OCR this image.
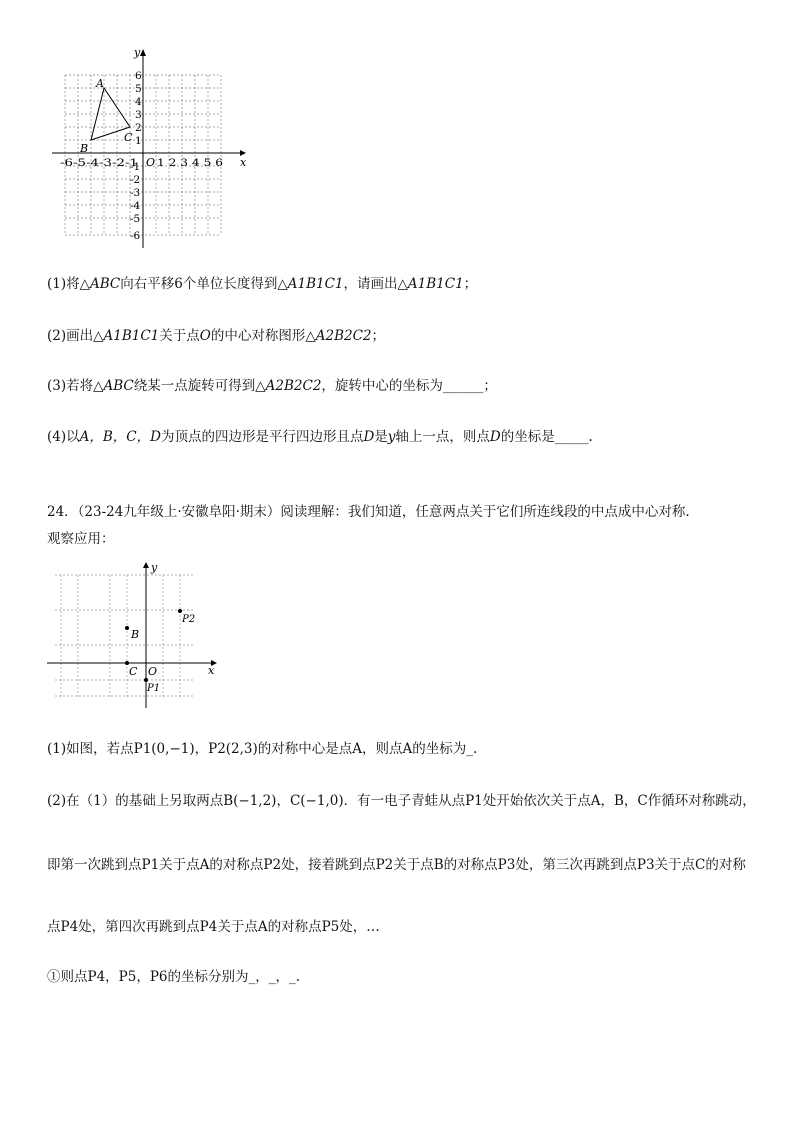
y
x
O
-6-5-4-3-2-1 1 2 3 4 5 6
6
5
4
3
2
1
-1
-2
-3
-4
-5
-6
A
B
C
(1)将△ABC向右平移6个单位长度得到△A1B1C1，请画出△A1B1C1；
(2)画出△A1B1C1关于点O的中心对称图形△A2B2C2；
(3)若将△ABC绕某一点旋转可得到△A2B2C2，旋转中心的坐标为______；
(4)以A，B，C，D为顶点的四边形是平行四边形且点D是y轴上一点，则点D的坐标是_____.
24．（23-24九年级上·安徽阜阳·期末）阅读理解：我们知道，任意两点关于它们所连线段的中点成中心对称.
观察应用：
y
x
O
P2
B
C
P1
(1)如图，若点P1(0,−1)，P2(2,3)的对称中心是点A，则点A的坐标为_.
(2)在（1）的基础上另取两点B(−1,2)，C(−1,0)．有一电子青蛙从点P1处开始依次关于点A，B，C作循环对称跳动，
即第一次跳到点P1关于点A的对称点P2处，接着跳到点P2关于点B的对称点P3处，第三次再跳到点P3关于点C的对称
点P4处，第四次再跳到点P4关于点A的对称点P5处，…
①则点P4，P5，P6的坐标分别为_，_，_.
